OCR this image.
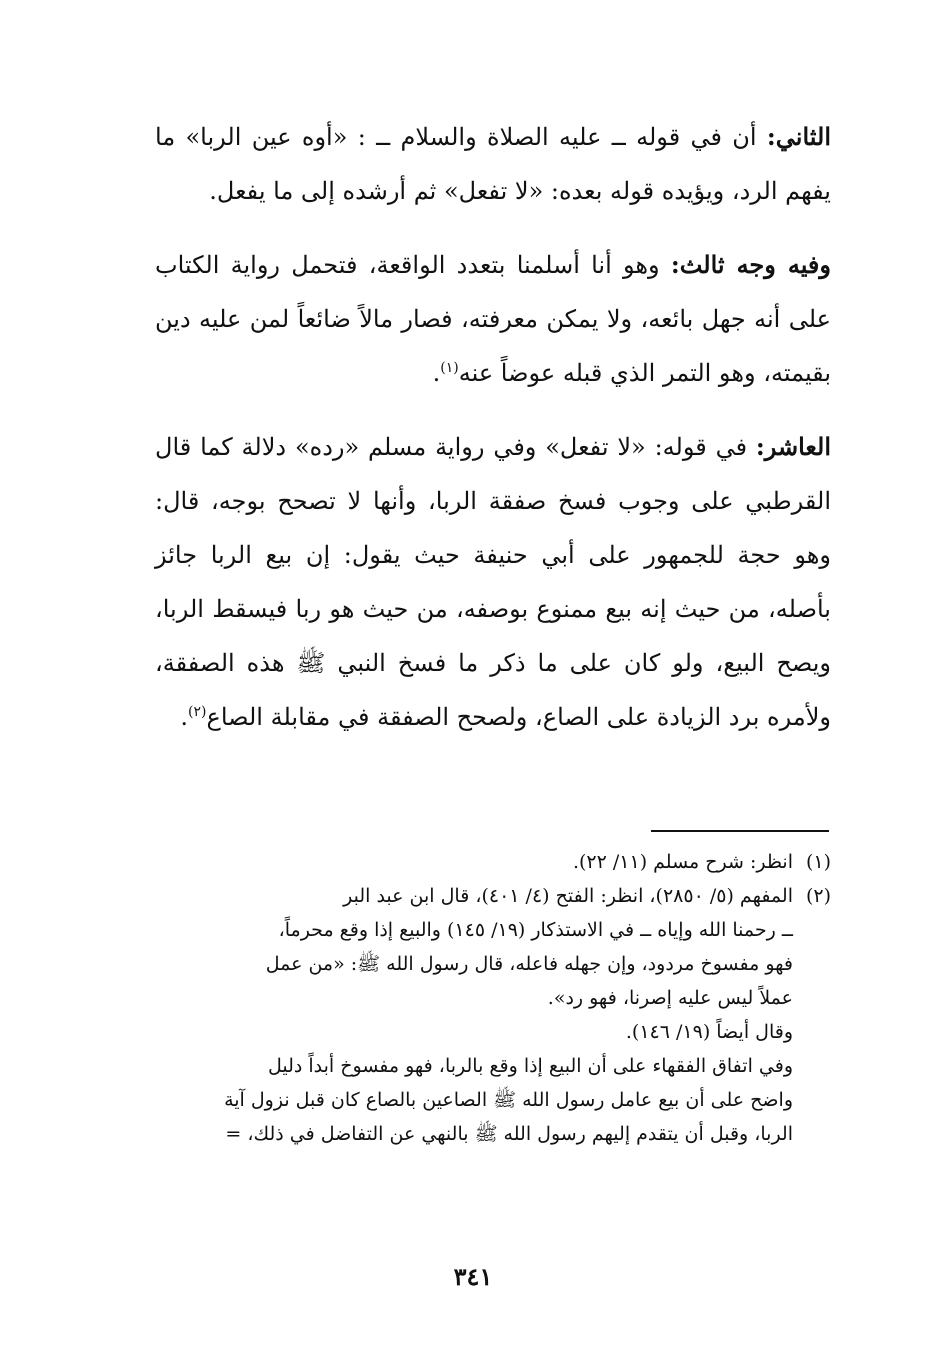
الثاني: أن في قوله ــ عليه الصلاة والسلام ــ : «أوه عين الربا» ما يفهم الرد، ويؤيده قوله بعده: «لا تفعل» ثم أرشده إلى ما يفعل.

وفيه وجه ثالث: وهو أنا أسلمنا بتعدد الواقعة، فتحمل رواية الكتاب على أنه جهل بائعه، ولا يمكن معرفته، فصار مالاً ضائعاً لمن عليه دين بقيمته، وهو التمر الذي قبله عوضاً عنه$^{(١)}$.

العاشر: في قوله: «لا تفعل» وفي رواية مسلم «رده» دلالة كما قال القرطبي على وجوب فسخ صفقة الربا، وأنها لا تصحح بوجه، قال: وهو حجة للجمهور على أبي حنيفة حيث يقول: إن بيع الربا جائز بأصله، من حيث إنه بيع ممنوع بوصفه، من حيث هو ربا فيسقط الربا، ويصح البيع، ولو كان على ما ذكر ما فسخ النبي ﷺ هذه الصفقة، ولأمره برد الزيادة على الصاع، ولصحح الصفقة في مقابلة الصاع$^{(٢)}$.

(١)
انظر: شرح مسلم (١١/ ٢٢).
(٢)
المفهم (٥/ ٢٨٥٠)، انظر: الفتح (٤/ ٤٠١)، قال ابن عبد البر
ــ رحمنا الله وإياه ــ في الاستذكار (١٩/ ١٤٥) والبيع إذا وقع محرماً،
فهو مفسوخ مردود، وإن جهله فاعله، قال رسول الله ﷺ: «من عمل
عملاً ليس عليه إصرنا، فهو رد».
وقال أيضاً (١٩/ ١٤٦).
وفي اتفاق الفقهاء على أن البيع إذا وقع بالربا، فهو مفسوخ أبداً دليل
واضح على أن بيع عامل رسول الله ﷺ الصاعين بالصاع كان قبل نزول آية
الربا، وقبل أن يتقدم إليهم رسول الله ﷺ بالنهي عن التفاضل في ذلك، =
٣٤١
